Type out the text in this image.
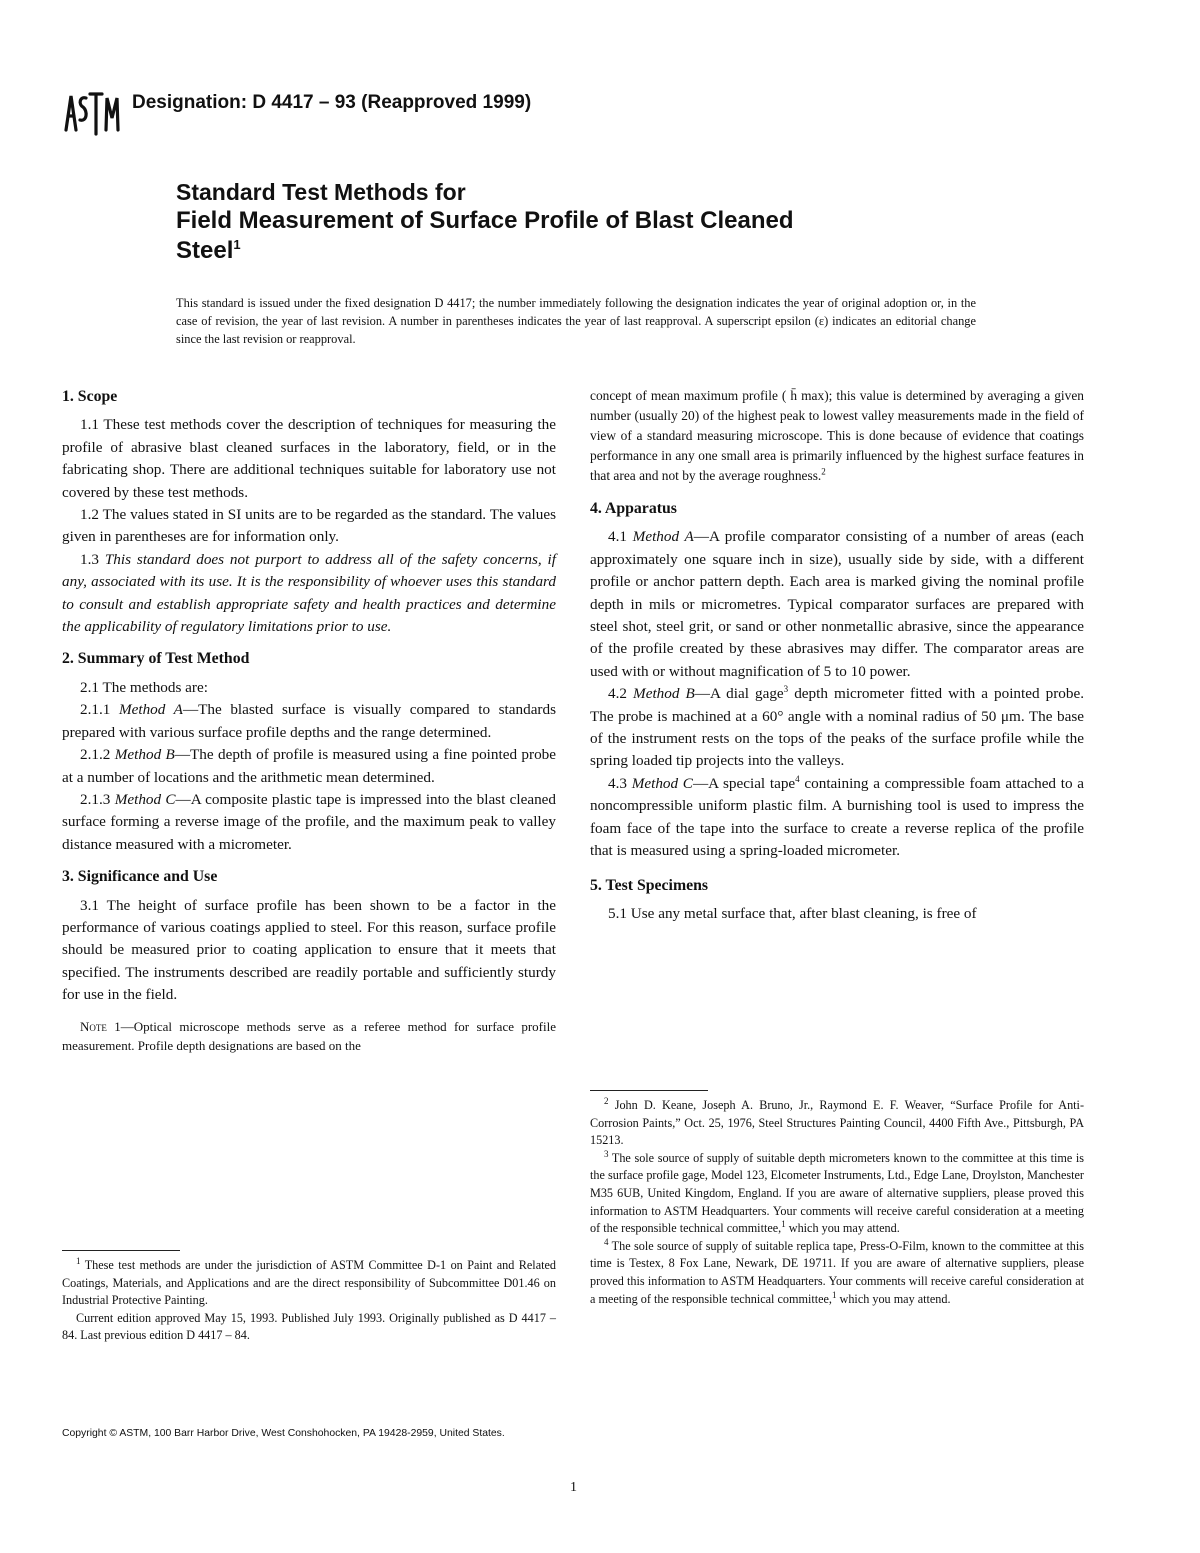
Designation: D 4417 – 93 (Reapproved 1999)
Standard Test Methods for
Field Measurement of Surface Profile of Blast Cleaned
Steel$^1$
This standard is issued under the fixed designation D 4417; the number immediately following the designation indicates the year of original adoption or, in the case of revision, the year of last revision. A number in parentheses indicates the year of last reapproval. A superscript epsilon (ε) indicates an editorial change since the last revision or reapproval.
1. Scope

1.1 These test methods cover the description of techniques for measuring the profile of abrasive blast cleaned surfaces in the laboratory, field, or in the fabricating shop. There are additional techniques suitable for laboratory use not covered by these test methods.

1.2 The values stated in SI units are to be regarded as the standard. The values given in parentheses are for information only.

1.3 This standard does not purport to address all of the safety concerns, if any, associated with its use. It is the responsibility of whoever uses this standard to consult and establish appropriate safety and health practices and determine the applicability of regulatory limitations prior to use.

2. Summary of Test Method

2.1 The methods are:

2.1.1 Method A—The blasted surface is visually compared to standards prepared with various surface profile depths and the range determined.

2.1.2 Method B—The depth of profile is measured using a fine pointed probe at a number of locations and the arithmetic mean determined.

2.1.3 Method C—A composite plastic tape is impressed into the blast cleaned surface forming a reverse image of the profile, and the maximum peak to valley distance measured with a micrometer.

3. Significance and Use

3.1 The height of surface profile has been shown to be a factor in the performance of various coatings applied to steel. For this reason, surface profile should be measured prior to coating application to ensure that it meets that specified. The instruments described are readily portable and sufficiently sturdy for use in the field.

Note 1—Optical microscope methods serve as a referee method for surface profile measurement. Profile depth designations are based on the

concept of mean maximum profile ( h̄ max); this value is determined by averaging a given number (usually 20) of the highest peak to lowest valley measurements made in the field of view of a standard measuring microscope. This is done because of evidence that coatings performance in any one small area is primarily influenced by the highest surface features in that area and not by the average roughness.$^2$

4. Apparatus

4.1 Method A—A profile comparator consisting of a number of areas (each approximately one square inch in size), usually side by side, with a different profile or anchor pattern depth. Each area is marked giving the nominal profile depth in mils or micrometres. Typical comparator surfaces are prepared with steel shot, steel grit, or sand or other nonmetallic abrasive, since the appearance of the profile created by these abrasives may differ. The comparator areas are used with or without magnification of 5 to 10 power.

4.2 Method B—A dial gage$^3$ depth micrometer fitted with a pointed probe. The probe is machined at a 60° angle with a nominal radius of 50 μm. The base of the instrument rests on the tops of the peaks of the surface profile while the spring loaded tip projects into the valleys.

4.3 Method C—A special tape$^4$ containing a compressible foam attached to a noncompressible uniform plastic film. A burnishing tool is used to impress the foam face of the tape into the surface to create a reverse replica of the profile that is measured using a spring-loaded micrometer.

5. Test Specimens

5.1 Use any metal surface that, after blast cleaning, is free of

$^1$ These test methods are under the jurisdiction of ASTM Committee D-1 on Paint and Related Coatings, Materials, and Applications and are the direct responsibility of Subcommittee D01.46 on Industrial Protective Painting.

Current edition approved May 15, 1993. Published July 1993. Originally published as D 4417 – 84. Last previous edition D 4417 – 84.

$^2$ John D. Keane, Joseph A. Bruno, Jr., Raymond E. F. Weaver, “Surface Profile for Anti-Corrosion Paints,” Oct. 25, 1976, Steel Structures Painting Council, 4400 Fifth Ave., Pittsburgh, PA 15213.

$^3$ The sole source of supply of suitable depth micrometers known to the committee at this time is the surface profile gage, Model 123, Elcometer Instruments, Ltd., Edge Lane, Droylston, Manchester M35 6UB, United Kingdom, England. If you are aware of alternative suppliers, please proved this information to ASTM Headquarters. Your comments will receive careful consideration at a meeting of the responsible technical committee,$^1$ which you may attend.

$^4$ The sole source of supply of suitable replica tape, Press-O-Film, known to the committee at this time is Testex, 8 Fox Lane, Newark, DE 19711. If you are aware of alternative suppliers, please proved this information to ASTM Headquarters. Your comments will receive careful consideration at a meeting of the responsible technical committee,$^1$ which you may attend.

Copyright © ASTM, 100 Barr Harbor Drive, West Conshohocken, PA 19428-2959, United States.
1
